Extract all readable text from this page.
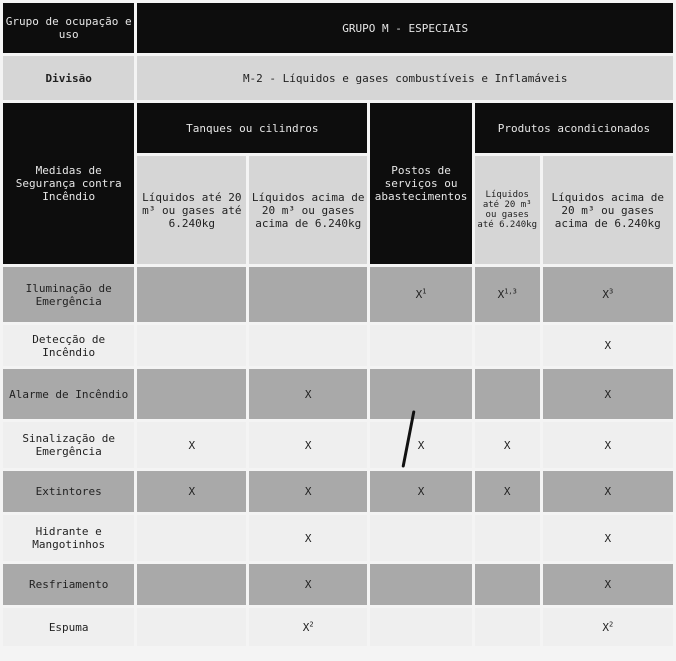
Grupo de ocupação e uso	GRUPO M - ESPECIAIS				
Divisão	M-2 - Líquidos e gases combustíveis e Inflamáveis				
Medidas de Segurança contra Incêndio	Tanques ou cilindros		Postos de serviços ou abastecimentos	Produtos acondicionados	
	Líquidos até 20 m³ ou gases até 6.240kg	Líquidos acima de 20 m³ ou gases acima de 6.240kg		Líquidos até 20 m³ ou gases até 6.240kg	Líquidos acima de 20 m³ ou gases acima de 6.240kg
Iluminação de Emergência			$X^1$	X$^{1,3}$	$X^3$
Detecção de Incêndio					X
Alarme de Incêndio		X			X
Sinalização de Emergência	X	X	X	X	X
Extintores	X	X	X	X	X
Hidrante e Mangotinhos		X			X
Resfriamento		X			X
Espuma		$X^2$			$X^2$
